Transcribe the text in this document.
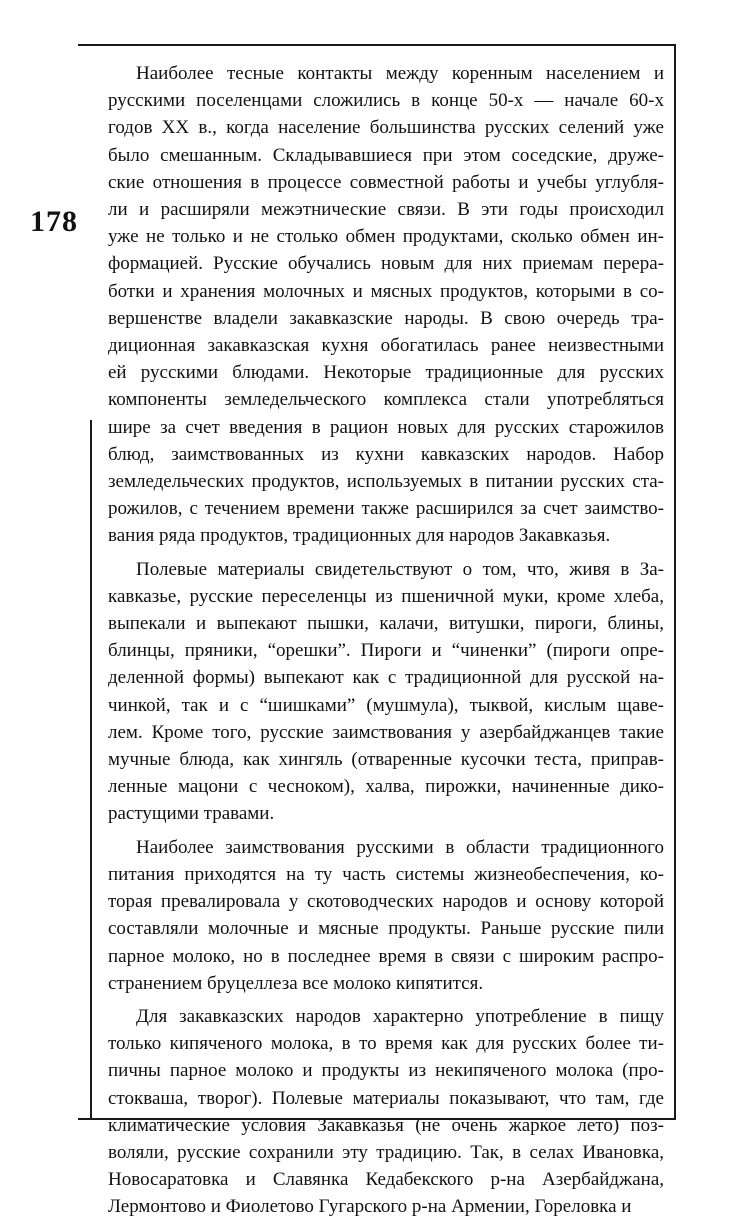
178
Наиболее тесные контакты между коренным населением и
русскими поселенцами сложились в конце 50-х — начале 60-х
годов XX в., когда население большинства русских селений уже
было смешанным. Складывавшиеся при этом соседские, друже-
ские отношения в процессе совместной работы и учебы углубля-
ли и расширяли межэтнические связи. В эти годы происходил
уже не только и не столько обмен продуктами, сколько обмен ин-
формацией. Русские обучались новым для них приемам перера-
ботки и хранения молочных и мясных продуктов, которыми в со-
вершенстве владели закавказские народы. В свою очередь тра-
диционная закавказская кухня обогатилась ранее неизвестными
ей русскими блюдами. Некоторые традиционные для русских
компоненты земледельческого комплекса стали употребляться
шире за счет введения в рацион новых для русских старожилов
блюд, заимствованных из кухни кавказских народов. Набор
земледельческих продуктов, используемых в питании русских ста-
рожилов, с течением времени также расширился за счет заимство-
вания ряда продуктов, традиционных для народов Закавказья.
Полевые материалы свидетельствуют о том, что, живя в За-
кавказье, русские переселенцы из пшеничной муки, кроме хлеба,
выпекали и выпекают пышки, калачи, витушки, пироги, блины,
блинцы, пряники, “орешки”. Пироги и “чиненки” (пироги опре-
деленной формы) выпекают как с традиционной для русской на-
чинкой, так и с “шишками” (мушмула), тыквой, кислым щаве-
лем. Кроме того, русские заимствования у азербайджанцев такие
мучные блюда, как хингяль (отваренные кусочки теста, приправ-
ленные мацони с чесноком), халва, пирожки, начиненные дико-
растущими травами.
Наиболее заимствования русскими в области традиционного
питания приходятся на ту часть системы жизнеобеспечения, ко-
торая превалировала у скотоводческих народов и основу которой
составляли молочные и мясные продукты. Раньше русские пили
парное молоко, но в последнее время в связи с широким распро-
странением бруцеллеза все молоко кипятится.
Для закавказских народов характерно употребление в пищу
только кипяченого молока, в то время как для русских более ти-
пичны парное молоко и продукты из некипяченого молока (про-
стокваша, творог). Полевые материалы показывают, что там, где
климатические условия Закавказья (не очень жаркое лето) поз-
воляли, русские сохранили эту традицию. Так, в селах Ивановка,
Новосаратовка и Славянка Кедабекского р-на Азербайджана,
Лермонтово и Фиолетово Гугарского р-на Армении, Гореловка и
